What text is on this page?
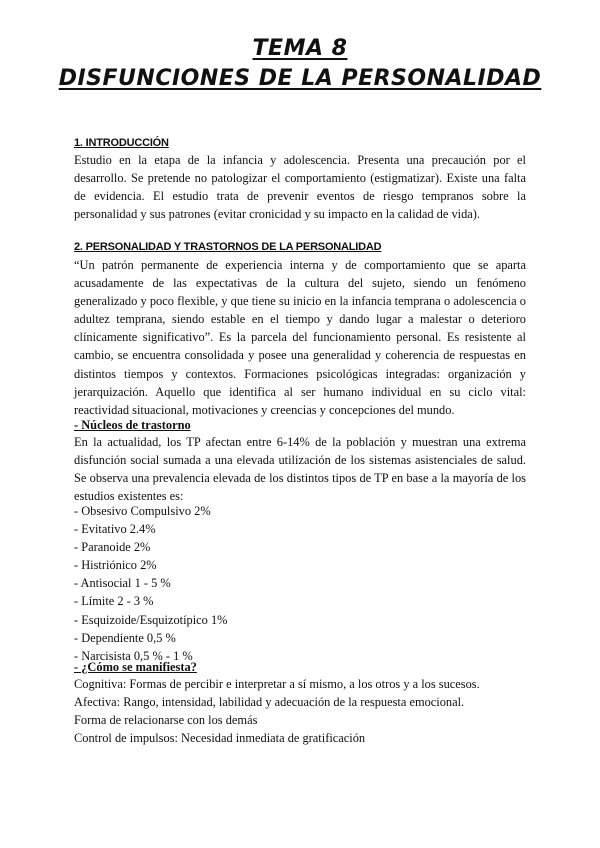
TEMA 8
DISFUNCIONES DE LA PERSONALIDAD
1. INTRODUCCIÓN

Estudio en la etapa de la infancia y adolescencia. Presenta una precaución por el desarrollo. Se pretende no patologizar el comportamiento (estigmatizar). Existe una falta de evidencia. El estudio trata de prevenir eventos de riesgo tempranos sobre la personalidad y sus patrones (evitar cronicidad y su impacto en la calidad de vida).

2. PERSONALIDAD Y TRASTORNOS DE LA PERSONALIDAD

“Un patrón permanente de experiencia interna y de comportamiento que se aparta acusadamente de las expectativas de la cultura del sujeto, siendo un fenómeno generalizado y poco flexible, y que tiene su inicio en la infancia temprana o adolescencia o adultez temprana, siendo estable en el tiempo y dando lugar a malestar o deterioro clínicamente significativo”. Es la parcela del funcionamiento personal. Es resistente al cambio, se encuentra consolidada y posee una generalidad y coherencia de respuestas en distintos tiempos y contextos. Formaciones psicológicas integradas: organización y jerarquización. Aquello que identifica al ser humano individual en su ciclo vital: reactividad situacional, motivaciones y creencias y concepciones del mundo.

- Núcleos de trastorno

En la actualidad, los TP afectan entre 6-14% de la población y muestran una extrema disfunción social sumada a una elevada utilización de los sistemas asistenciales de salud. Se observa una prevalencia elevada de los distintos tipos de TP en base a la mayoría de los estudios existentes es:

- Obsesivo Compulsivo 2%
- Evitativo 2.4%
- Paranoide 2%
- Histriónico 2%
- Antisocial 1 - 5 %
- Límite 2 - 3 %
- Esquizoide/Esquizotípico 1%
- Dependiente 0,5 %
- Narcisista 0,5 % - 1 %

- ¿Cómo se manifiesta?

Cognitiva: Formas de percibir e interpretar a sí mismo, a los otros y a los sucesos.

Afectiva: Rango, intensidad, labilidad y adecuación de la respuesta emocional.

Forma de relacionarse con los demás

Control de impulsos: Necesidad inmediata de gratificación
